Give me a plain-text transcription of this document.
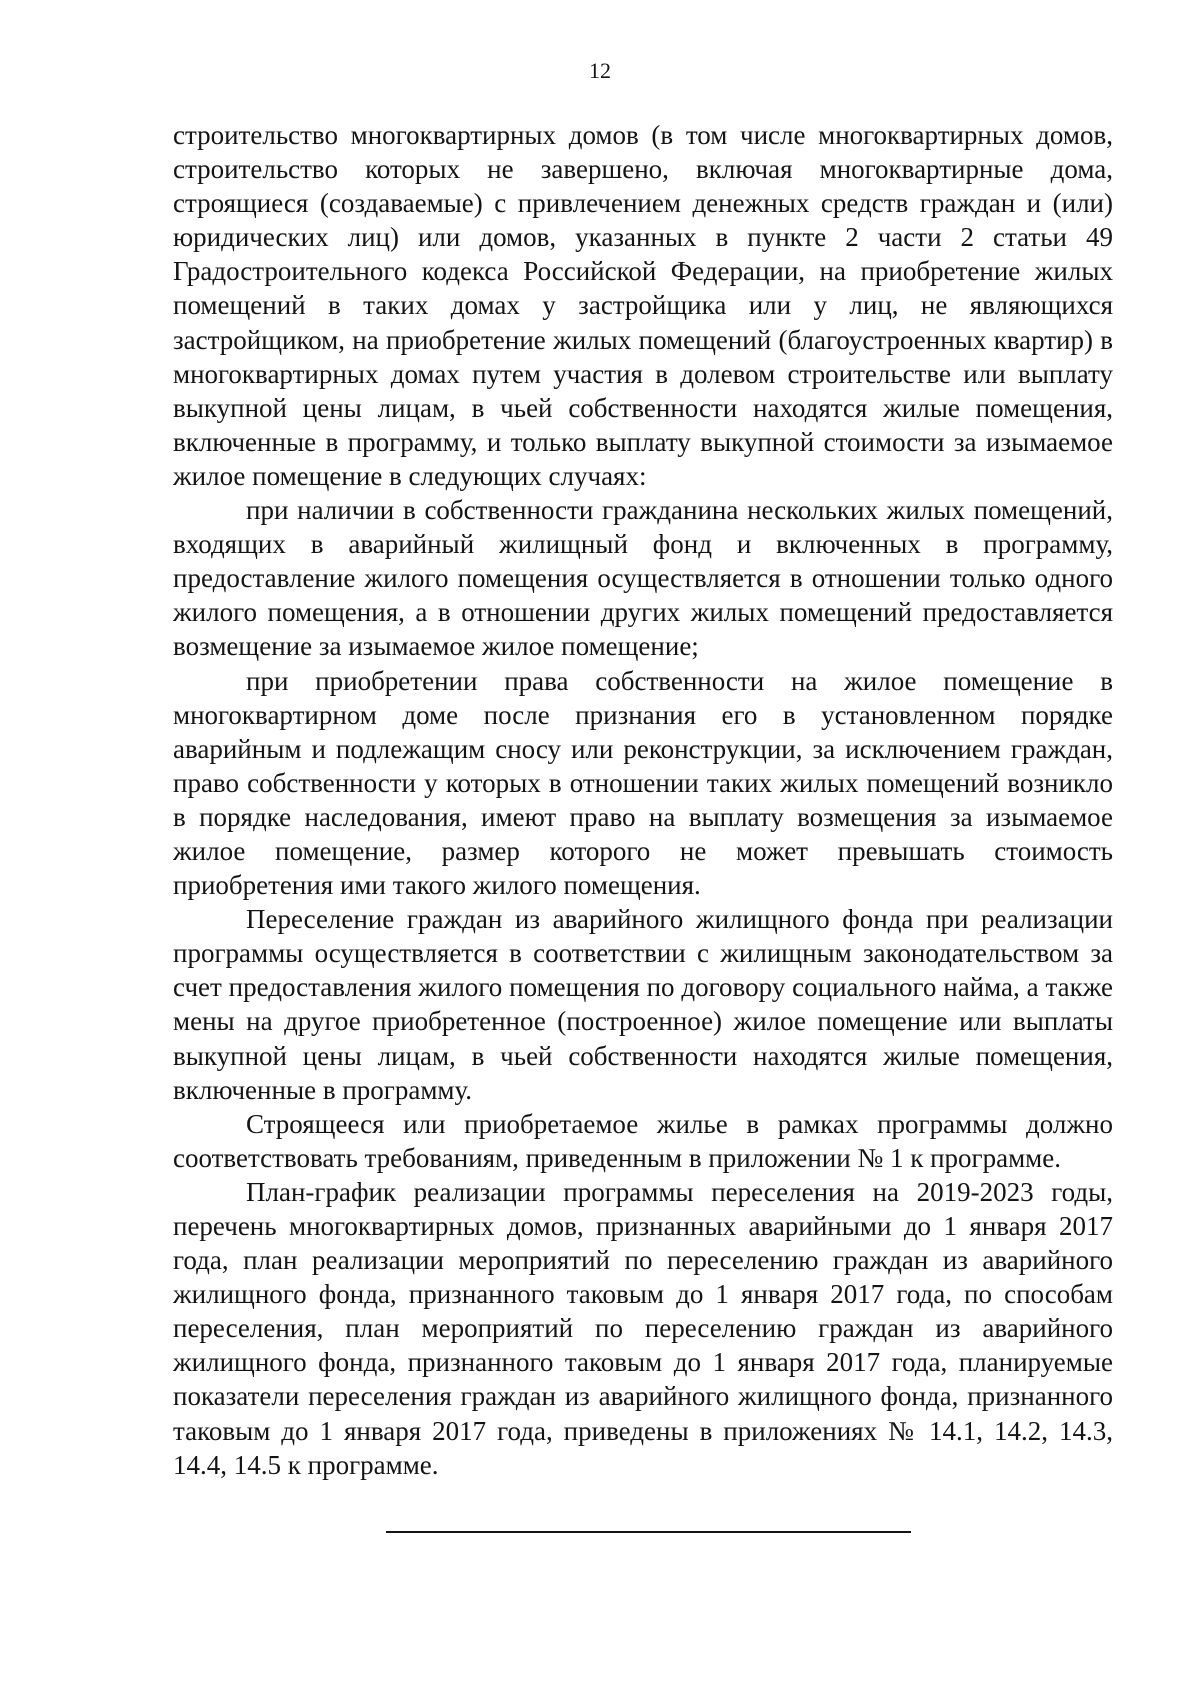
12

строительство многоквартирных домов (в том числе многоквартирных домов, строительство которых не завершено, включая многоквартирные дома, строящиеся (создаваемые) с привлечением денежных средств граждан и (или) юридических лиц) или домов, указанных в пункте 2 части 2 статьи 49 Градостроительного кодекса Российской Федерации, на приобретение жилых помещений в таких домах у застройщика или у лиц, не являющихся застройщиком, на приобретение жилых помещений (благоустроенных квартир) в многоквартирных домах путем участия в долевом строительстве или выплату выкупной цены лицам, в чьей собственности находятся жилые помещения, включенные в программу, и только выплату выкупной стоимости за изымаемое жилое помещение в следующих случаях:

при наличии в собственности гражданина нескольких жилых помещений, входящих в аварийный жилищный фонд и включенных в программу, предоставление жилого помещения осуществляется в отношении только одного жилого помещения, а в отношении других жилых помещений предоставляется возмещение за изымаемое жилое помещение;

при приобретении права собственности на жилое помещение в многоквартирном доме после признания его в установленном порядке аварийным и подлежащим сносу или реконструкции, за исключением граждан, право собственности у которых в отношении таких жилых помещений возникло в порядке наследования, имеют право на выплату возмещения за изымаемое жилое помещение, размер которого не может превышать стоимость приобретения ими такого жилого помещения.

Переселение граждан из аварийного жилищного фонда при реализации программы осуществляется в соответствии с жилищным законодательством за счет предоставления жилого помещения по договору социального найма, а также мены на другое приобретенное (построенное) жилое помещение или выплаты выкупной цены лицам, в чьей собственности находятся жилые помещения, включенные в программу.

Строящееся или приобретаемое жилье в рамках программы должно соответствовать требованиям, приведенным в приложении № 1 к программе.

План-график реализации программы переселения на 2019-2023 годы, перечень многоквартирных домов, признанных аварийными до 1 января 2017 года, план реализации мероприятий по переселению граждан из аварийного жилищного фонда, признанного таковым до 1 января 2017 года, по способам переселения, план мероприятий по переселению граждан из аварийного жилищного фонда, признанного таковым до 1 января 2017 года, планируемые показатели переселения граждан из аварийного жилищного фонда, признанного таковым до 1 января 2017 года, приведены в приложениях № 14.1, 14.2, 14.3, 14.4, 14.5 к программе.
